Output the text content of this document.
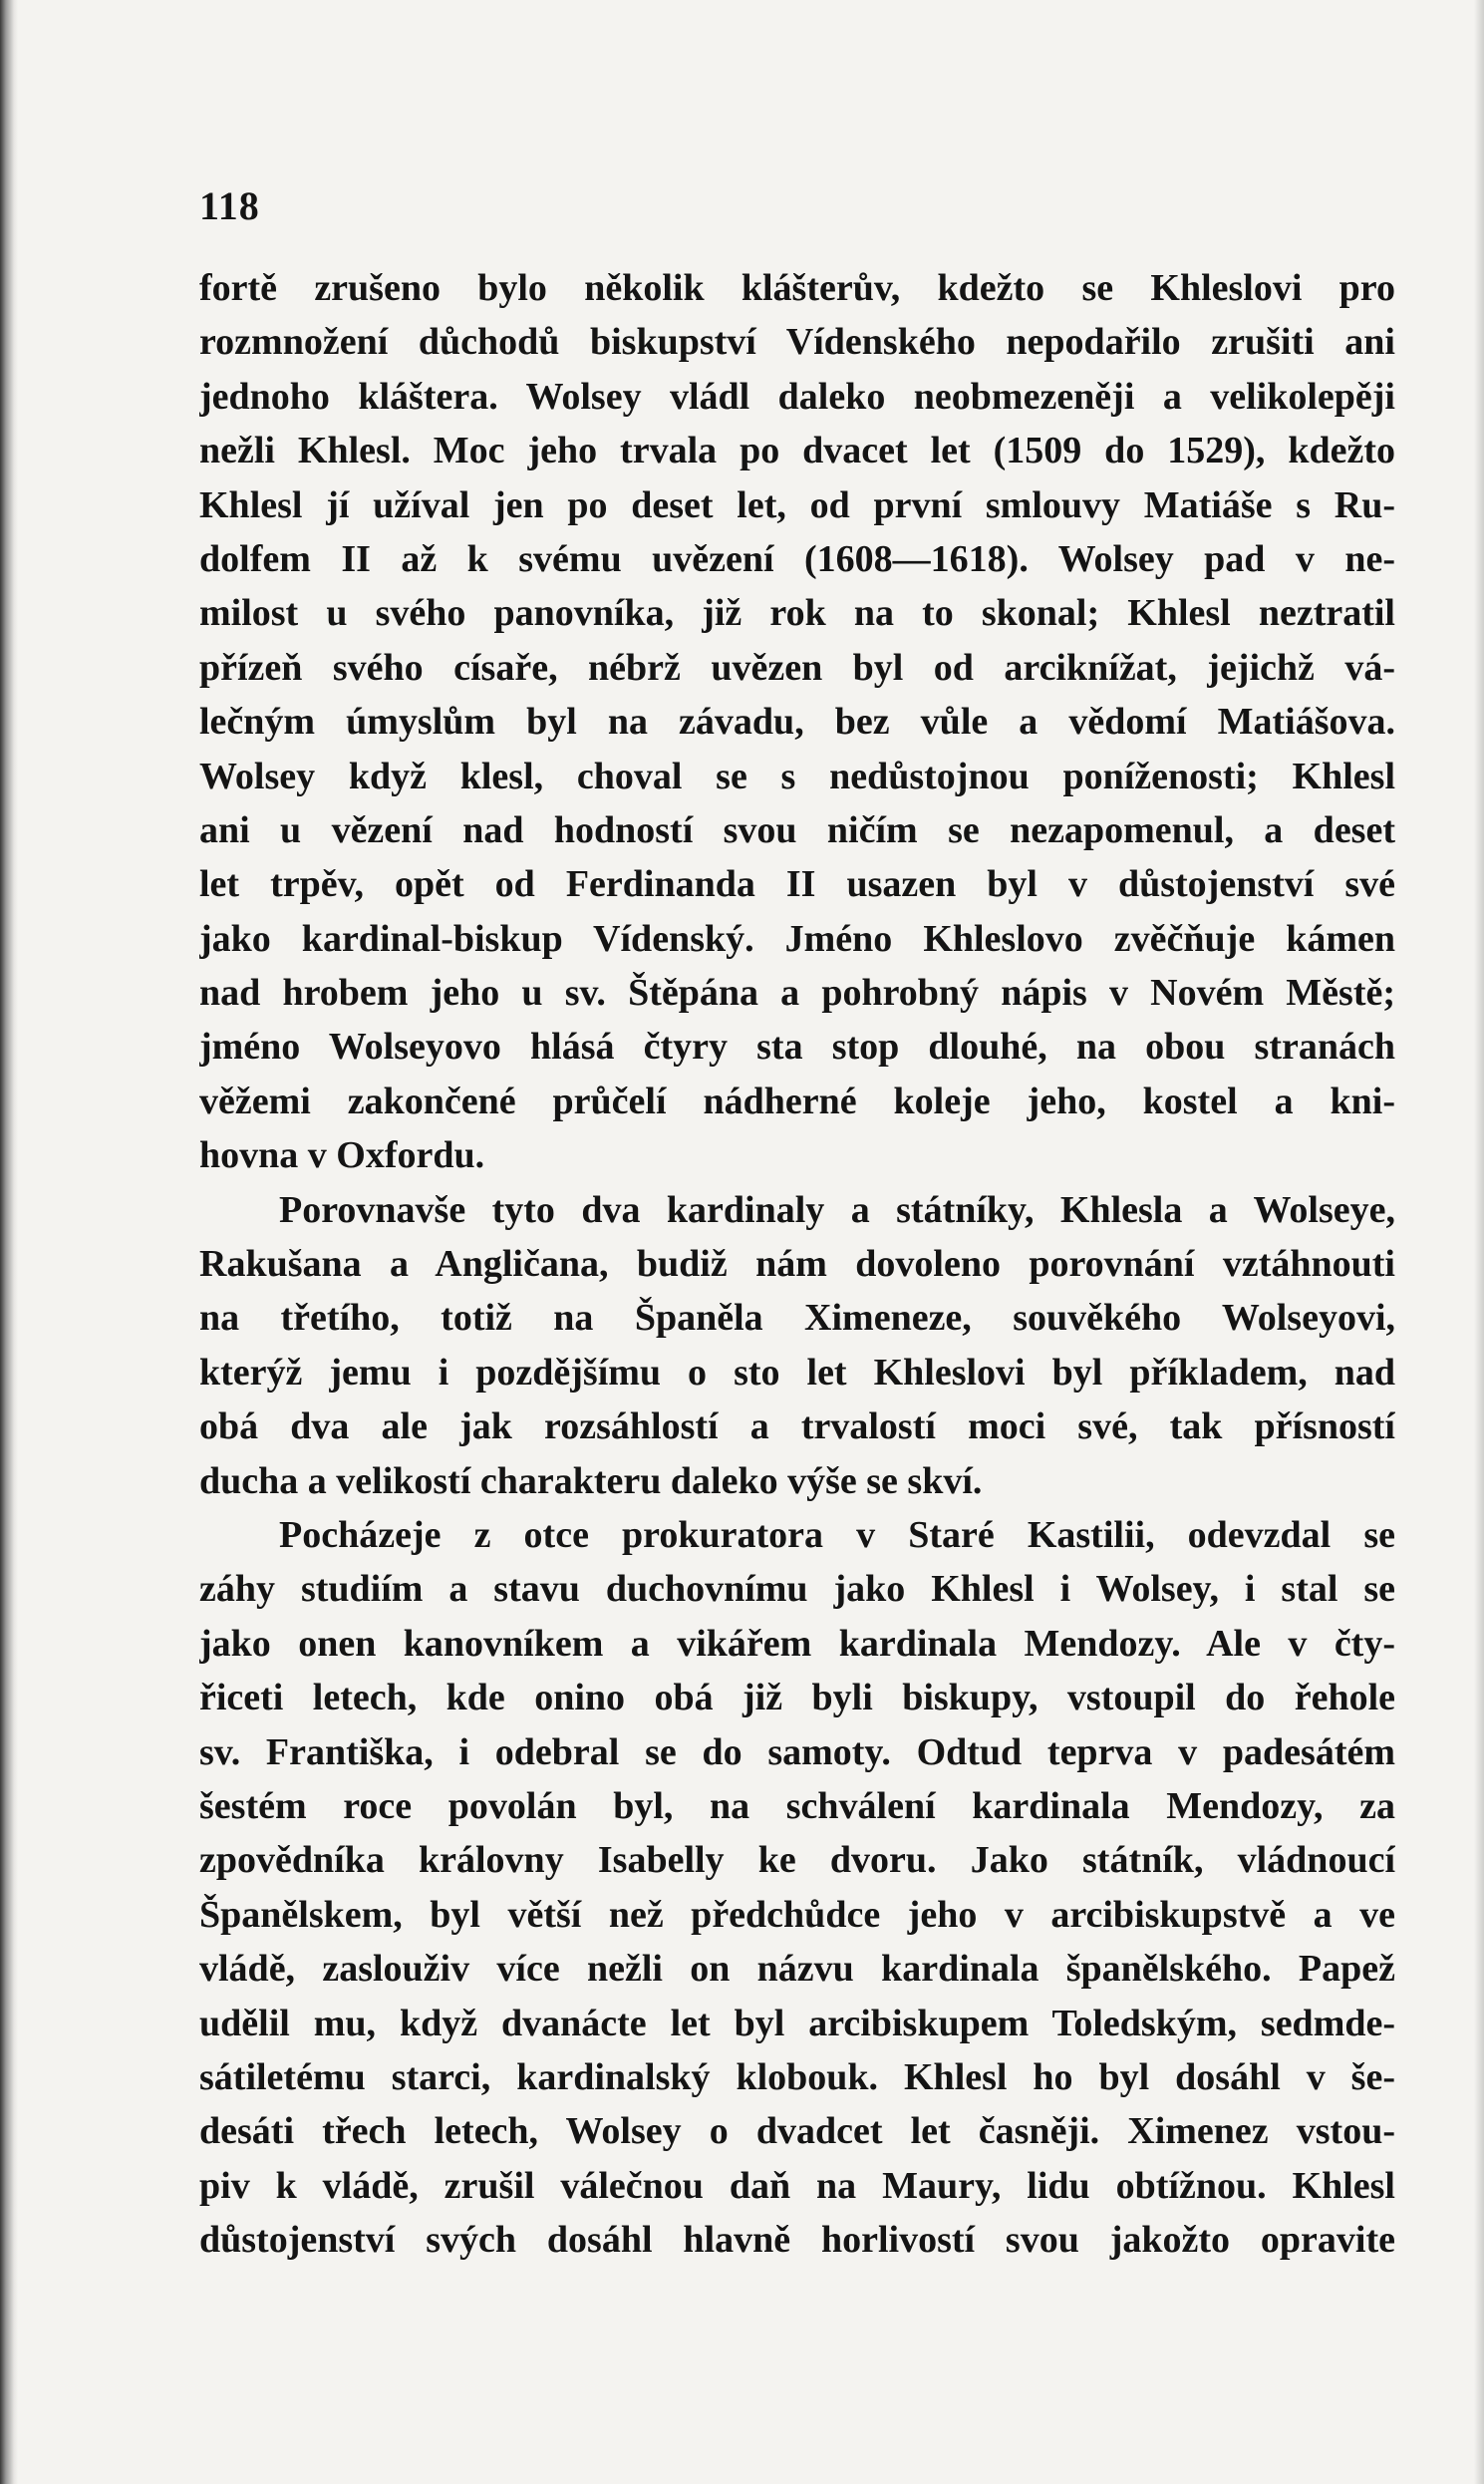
118
fortě zrušeno bylo několik klášterův, kdežto se Khleslovi pro
rozmnožení důchodů biskupství Vídenského nepodařilo zrušiti ani
jednoho kláštera. Wolsey vládl daleko neobmezeněji a velikolepěji
nežli Khlesl. Moc jeho trvala po dvacet let (1509 do 1529), kdežto
Khlesl jí užíval jen po deset let, od první smlouvy Matiáše s Ru-
dolfem II až k svému uvězení (1608—1618). Wolsey pad v ne-
milost u svého panovníka, již rok na to skonal; Khlesl neztratil
přízeň svého císaře, nébrž uvězen byl od arciknížat, jejichž vá-
lečným úmyslům byl na závadu, bez vůle a vědomí Matiášova.
Wolsey když klesl, choval se s nedůstojnou poníženosti; Khlesl
ani u vězení nad hodností svou ničím se nezapomenul, a deset
let trpěv, opět od Ferdinanda II usazen byl v důstojenství své
jako kardinal-biskup Vídenský. Jméno Khleslovo zvěčňuje kámen
nad hrobem jeho u sv. Štěpána a pohrobný nápis v Novém Městě;
jméno Wolseyovo hlásá čtyry sta stop dlouhé, na obou stranách
věžemi zakončené průčelí nádherné koleje jeho, kostel a kni-
hovna v Oxfordu.
Porovnavše tyto dva kardinaly a státníky, Khlesla a Wolseye,
Rakušana a Angličana, budiž nám dovoleno porovnání vztáhnouti
na třetího, totiž na Španěla Ximeneze, souvěkého Wolseyovi,
kterýž jemu i pozdějšímu o sto let Khleslovi byl příkladem, nad
obá dva ale jak rozsáhlostí a trvalostí moci své, tak přísností
ducha a velikostí charakteru daleko výše se skví.
Pocházeje z otce prokuratora v Staré Kastilii, odevzdal se
záhy studiím a stavu duchovnímu jako Khlesl i Wolsey, i stal se
jako onen kanovníkem a vikářem kardinala Mendozy. Ale v čty-
řiceti letech, kde onino obá již byli biskupy, vstoupil do řehole
sv. Františka, i odebral se do samoty. Odtud teprva v padesátém
šestém roce povolán byl, na schválení kardinala Mendozy, za
zpovědníka královny Isabelly ke dvoru. Jako státník, vládnoucí
Španělskem, byl větší než předchůdce jeho v arcibiskupstvě a ve
vládě, zaslouživ více nežli on názvu kardinala španělského. Papež
udělil mu, když dvanácte let byl arcibiskupem Toledským, sedmde-
sátiletému starci, kardinalský klobouk. Khlesl ho byl dosáhl v še-
desáti třech letech, Wolsey o dvadcet let časněji. Ximenez vstou-
piv k vládě, zrušil válečnou daň na Maury, lidu obtížnou. Khlesl
důstojenství svých dosáhl hlavně horlivostí svou jakožto opravite
